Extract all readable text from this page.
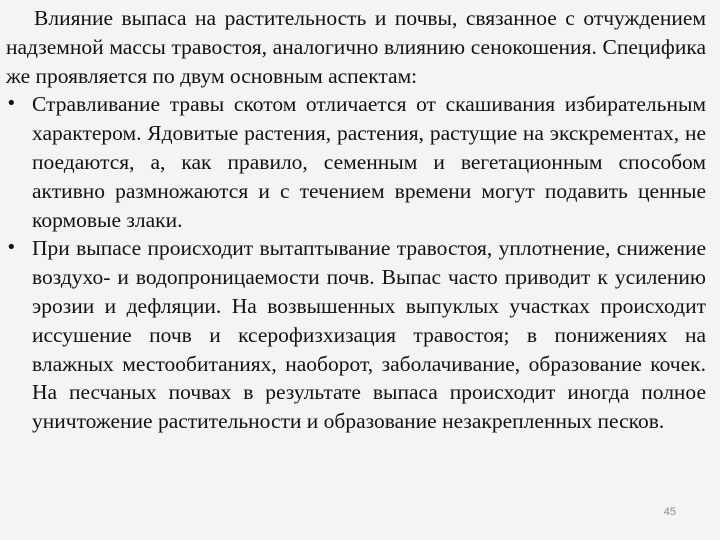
Влияние выпаса на растительность и почвы, связанное с отчуждением надземной массы травостоя, аналогично влиянию сенокошения. Специфика же проявляется по двум основным аспектам:

• Стравливание травы скотом отличается от скашивания избирательным характером. Ядовитые растения, растения, растущие на экскрементах, не поедаются, а, как правило, семенным и вегетационным способом активно размножаются и с течением времени могут подавить ценные кормовые злаки.
• При выпасе происходит вытаптывание травостоя, уплотнение, снижение воздухо- и водопроницаемости почв. Выпас часто приводит к усилению эрозии и дефляции. На возвышенных выпуклых участках происходит иссушение почв и ксерофизхизация травостоя; в понижениях на влажных местообитаниях, наоборот, заболачивание, образование кочек. На песчаных почвах в результате выпаса происходит иногда полное уничтожение растительности и образование незакрепленных песков.
45
